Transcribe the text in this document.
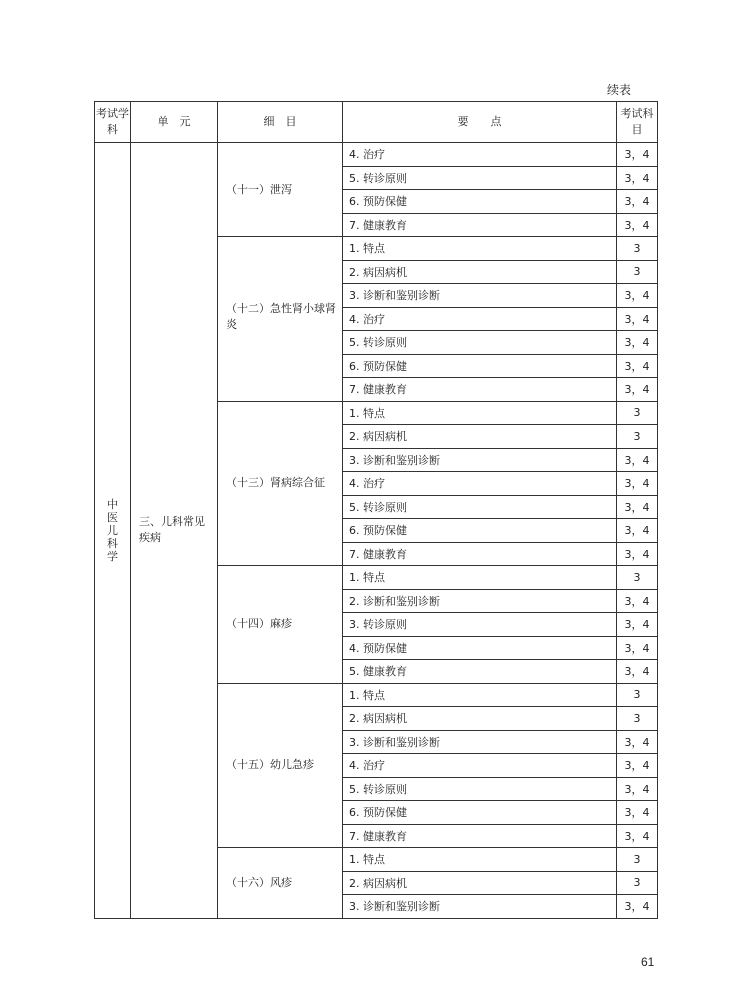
续表
考试学科	单　元	细　目	要　　点	考试科目
中医儿科学	三、儿科常见疾病	（十一）泄泻	4. 治疗	3，4
			5. 转诊原则	3，4
			6. 预防保健	3，4
			7. 健康教育	3，4
		（十二）急性肾小球肾炎	1. 特点	3
			2. 病因病机	3
			3. 诊断和鉴别诊断	3，4
			4. 治疗	3，4
			5. 转诊原则	3，4
			6. 预防保健	3，4
			7. 健康教育	3，4
		（十三）肾病综合征	1. 特点	3
			2. 病因病机	3
			3. 诊断和鉴别诊断	3，4
			4. 治疗	3，4
			5. 转诊原则	3，4
			6. 预防保健	3，4
			7. 健康教育	3，4
		（十四）麻疹	1. 特点	3
			2. 诊断和鉴别诊断	3，4
			3. 转诊原则	3，4
			4. 预防保健	3，4
			5. 健康教育	3，4
		（十五）幼儿急疹	1. 特点	3
			2. 病因病机	3
			3. 诊断和鉴别诊断	3，4
			4. 治疗	3，4
			5. 转诊原则	3，4
			6. 预防保健	3，4
			7. 健康教育	3，4
		（十六）风疹	1. 特点	3
			2. 病因病机	3
			3. 诊断和鉴别诊断	3，4
61
